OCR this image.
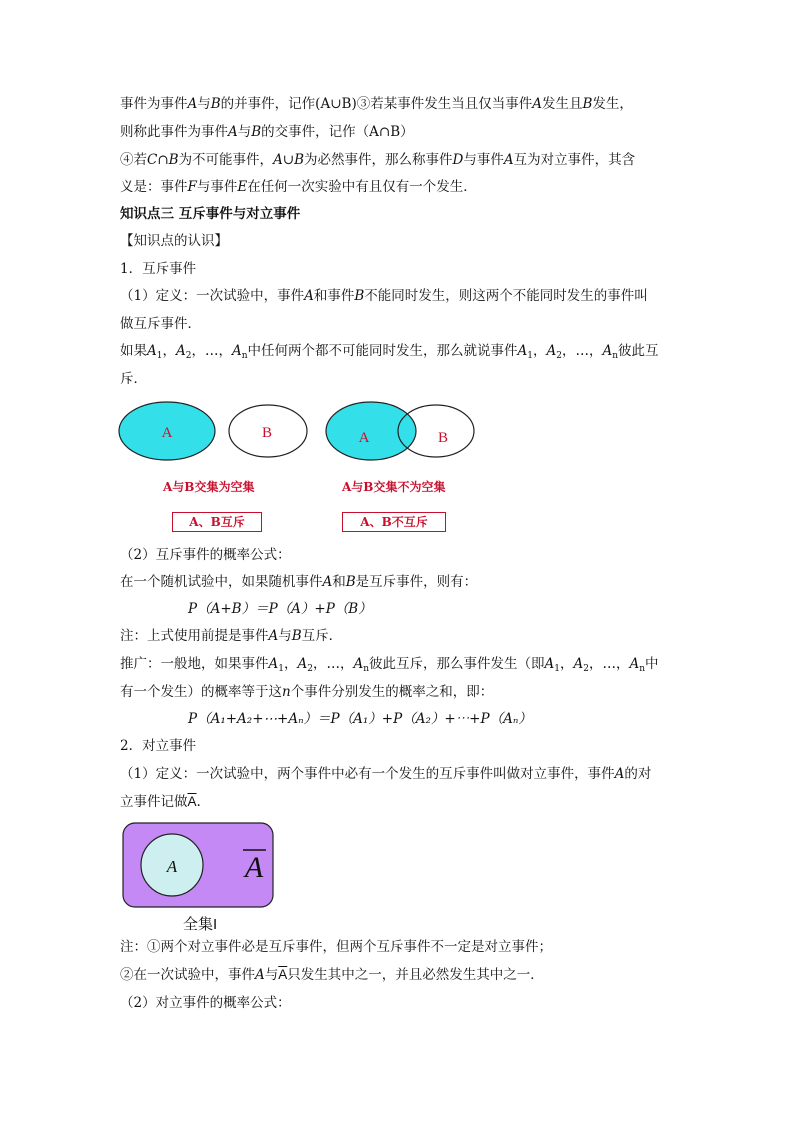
事件为事件A与B的并事件，记作(A∪B)③若某事件发生当且仅当事件A发生且B发生，
则称此事件为事件A与B的交事件，记作（A∩B）
④若C∩B为不可能事件，A∪B为必然事件，那么称事件D与事件A互为对立事件，其含
义是：事件F与事件E在任何一次实验中有且仅有一个发生．
知识点三 互斥事件与对立事件
【知识点的认识】
1．互斥事件
（1）定义：一次试验中，事件A和事件B不能同时发生，则这两个不能同时发生的事件叫
做互斥事件．
如果$A_1$，$A_2$，…，$A_n$中任何两个都不可能同时发生，那么就说事件$A_1$，$A_2$，…，$A_n$彼此互
斥．
A	B	A	B
A与B交集为空集	A与B交集不为空集
A、B互斥	A、B不互斥
（2）互斥事件的概率公式：
在一个随机试验中，如果随机事件A和B是互斥事件，则有：
P（A+B）＝P（A）+P（B）
注：上式使用前提是事件A与B互斥．
推广：一般地，如果事件$A_1$，$A_2$，…，$A_n$彼此互斥，那么事件发生（即$A_1$，$A_2$，…，$A_n$中
有一个发生）的概率等于这n个事件分别发生的概率之和，即：
P（A₁+A₂+⋯+Aₙ）＝P（A₁）+P（A₂）+⋯+P（Aₙ）
2．对立事件
（1）定义：一次试验中，两个事件中必有一个发生的互斥事件叫做对立事件，事件A的对
立事件记做$\overline{A}$.
A A
全集I
注：①两个对立事件必是互斥事件，但两个互斥事件不一定是对立事件；
②在一次试验中，事件A与$\overline{A}$只发生其中之一，并且必然发生其中之一．
（2）对立事件的概率公式：
